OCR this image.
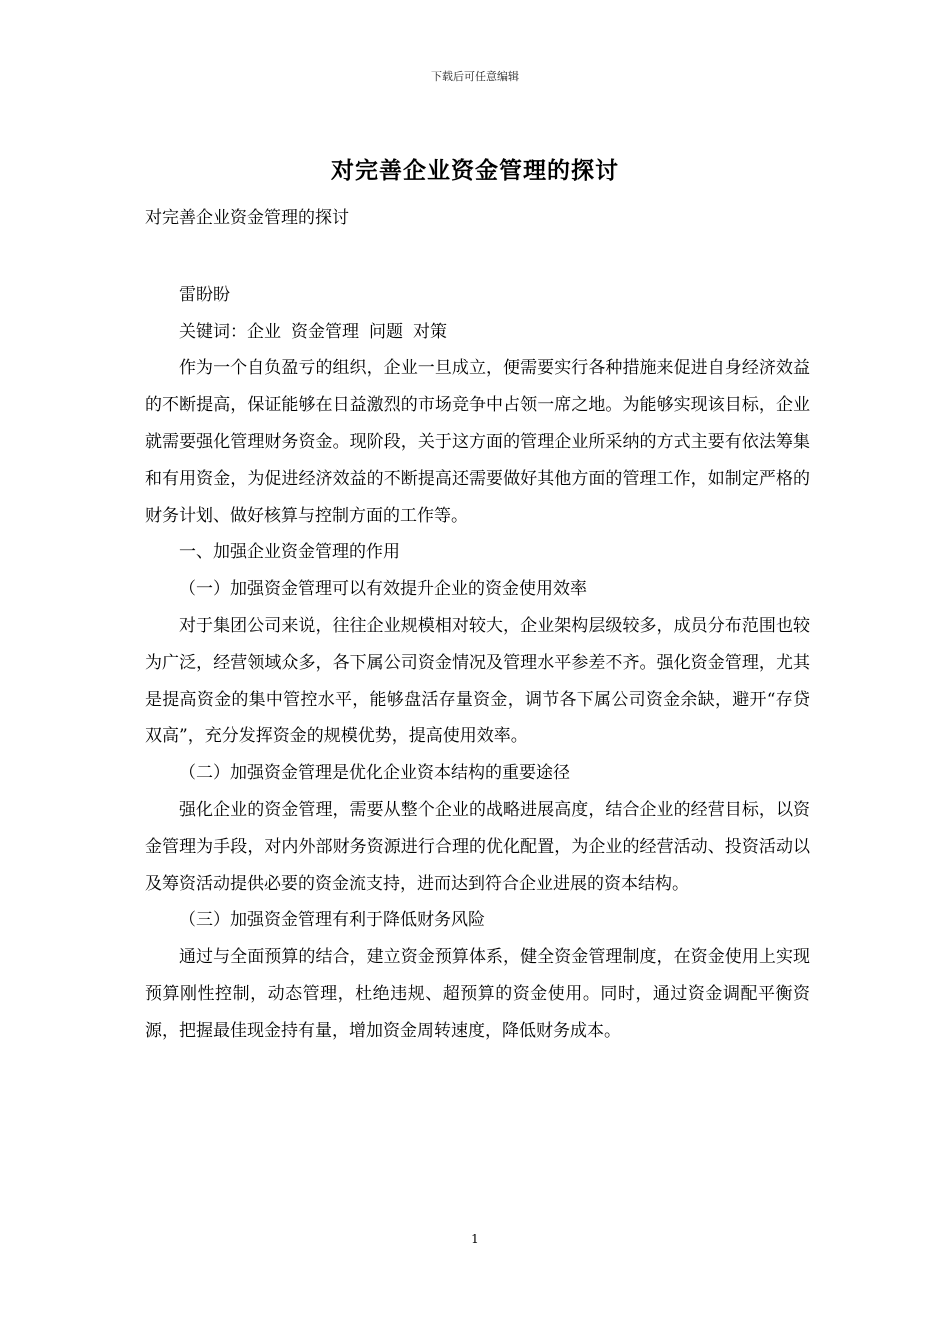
下载后可任意编辑
对完善企业资金管理的探讨
对完善企业资金管理的探讨
雷盼盼
关键词：企业 资金管理 问题 对策
作为一个自负盈亏的组织，企业一旦成立，便需要实行各种措施来促进自身经济效益的不断提高，保证能够在日益激烈的市场竞争中占领一席之地。为能够实现该目标，企业就需要强化管理财务资金。现阶段，关于这方面的管理企业所采纳的方式主要有依法筹集和有用资金，为促进经济效益的不断提高还需要做好其他方面的管理工作，如制定严格的财务计划、做好核算与控制方面的工作等。
一、加强企业资金管理的作用
（一）加强资金管理可以有效提升企业的资金使用效率
对于集团公司来说，往往企业规模相对较大，企业架构层级较多，成员分布范围也较为广泛，经营领域众多，各下属公司资金情况及管理水平参差不齐。强化资金管理，尤其是提高资金的集中管控水平，能够盘活存量资金，调节各下属公司资金余缺，避开“存贷双高”，充分发挥资金的规模优势，提高使用效率。
（二）加强资金管理是优化企业资本结构的重要途径
强化企业的资金管理，需要从整个企业的战略进展高度，结合企业的经营目标，以资金管理为手段，对内外部财务资源进行合理的优化配置，为企业的经营活动、投资活动以及筹资活动提供必要的资金流支持，进而达到符合企业进展的资本结构。
（三）加强资金管理有利于降低财务风险
通过与全面预算的结合，建立资金预算体系，健全资金管理制度，在资金使用上实现预算刚性控制，动态管理，杜绝违规、超预算的资金使用。同时，通过资金调配平衡资源，把握最佳现金持有量，增加资金周转速度，降低财务成本。
1
